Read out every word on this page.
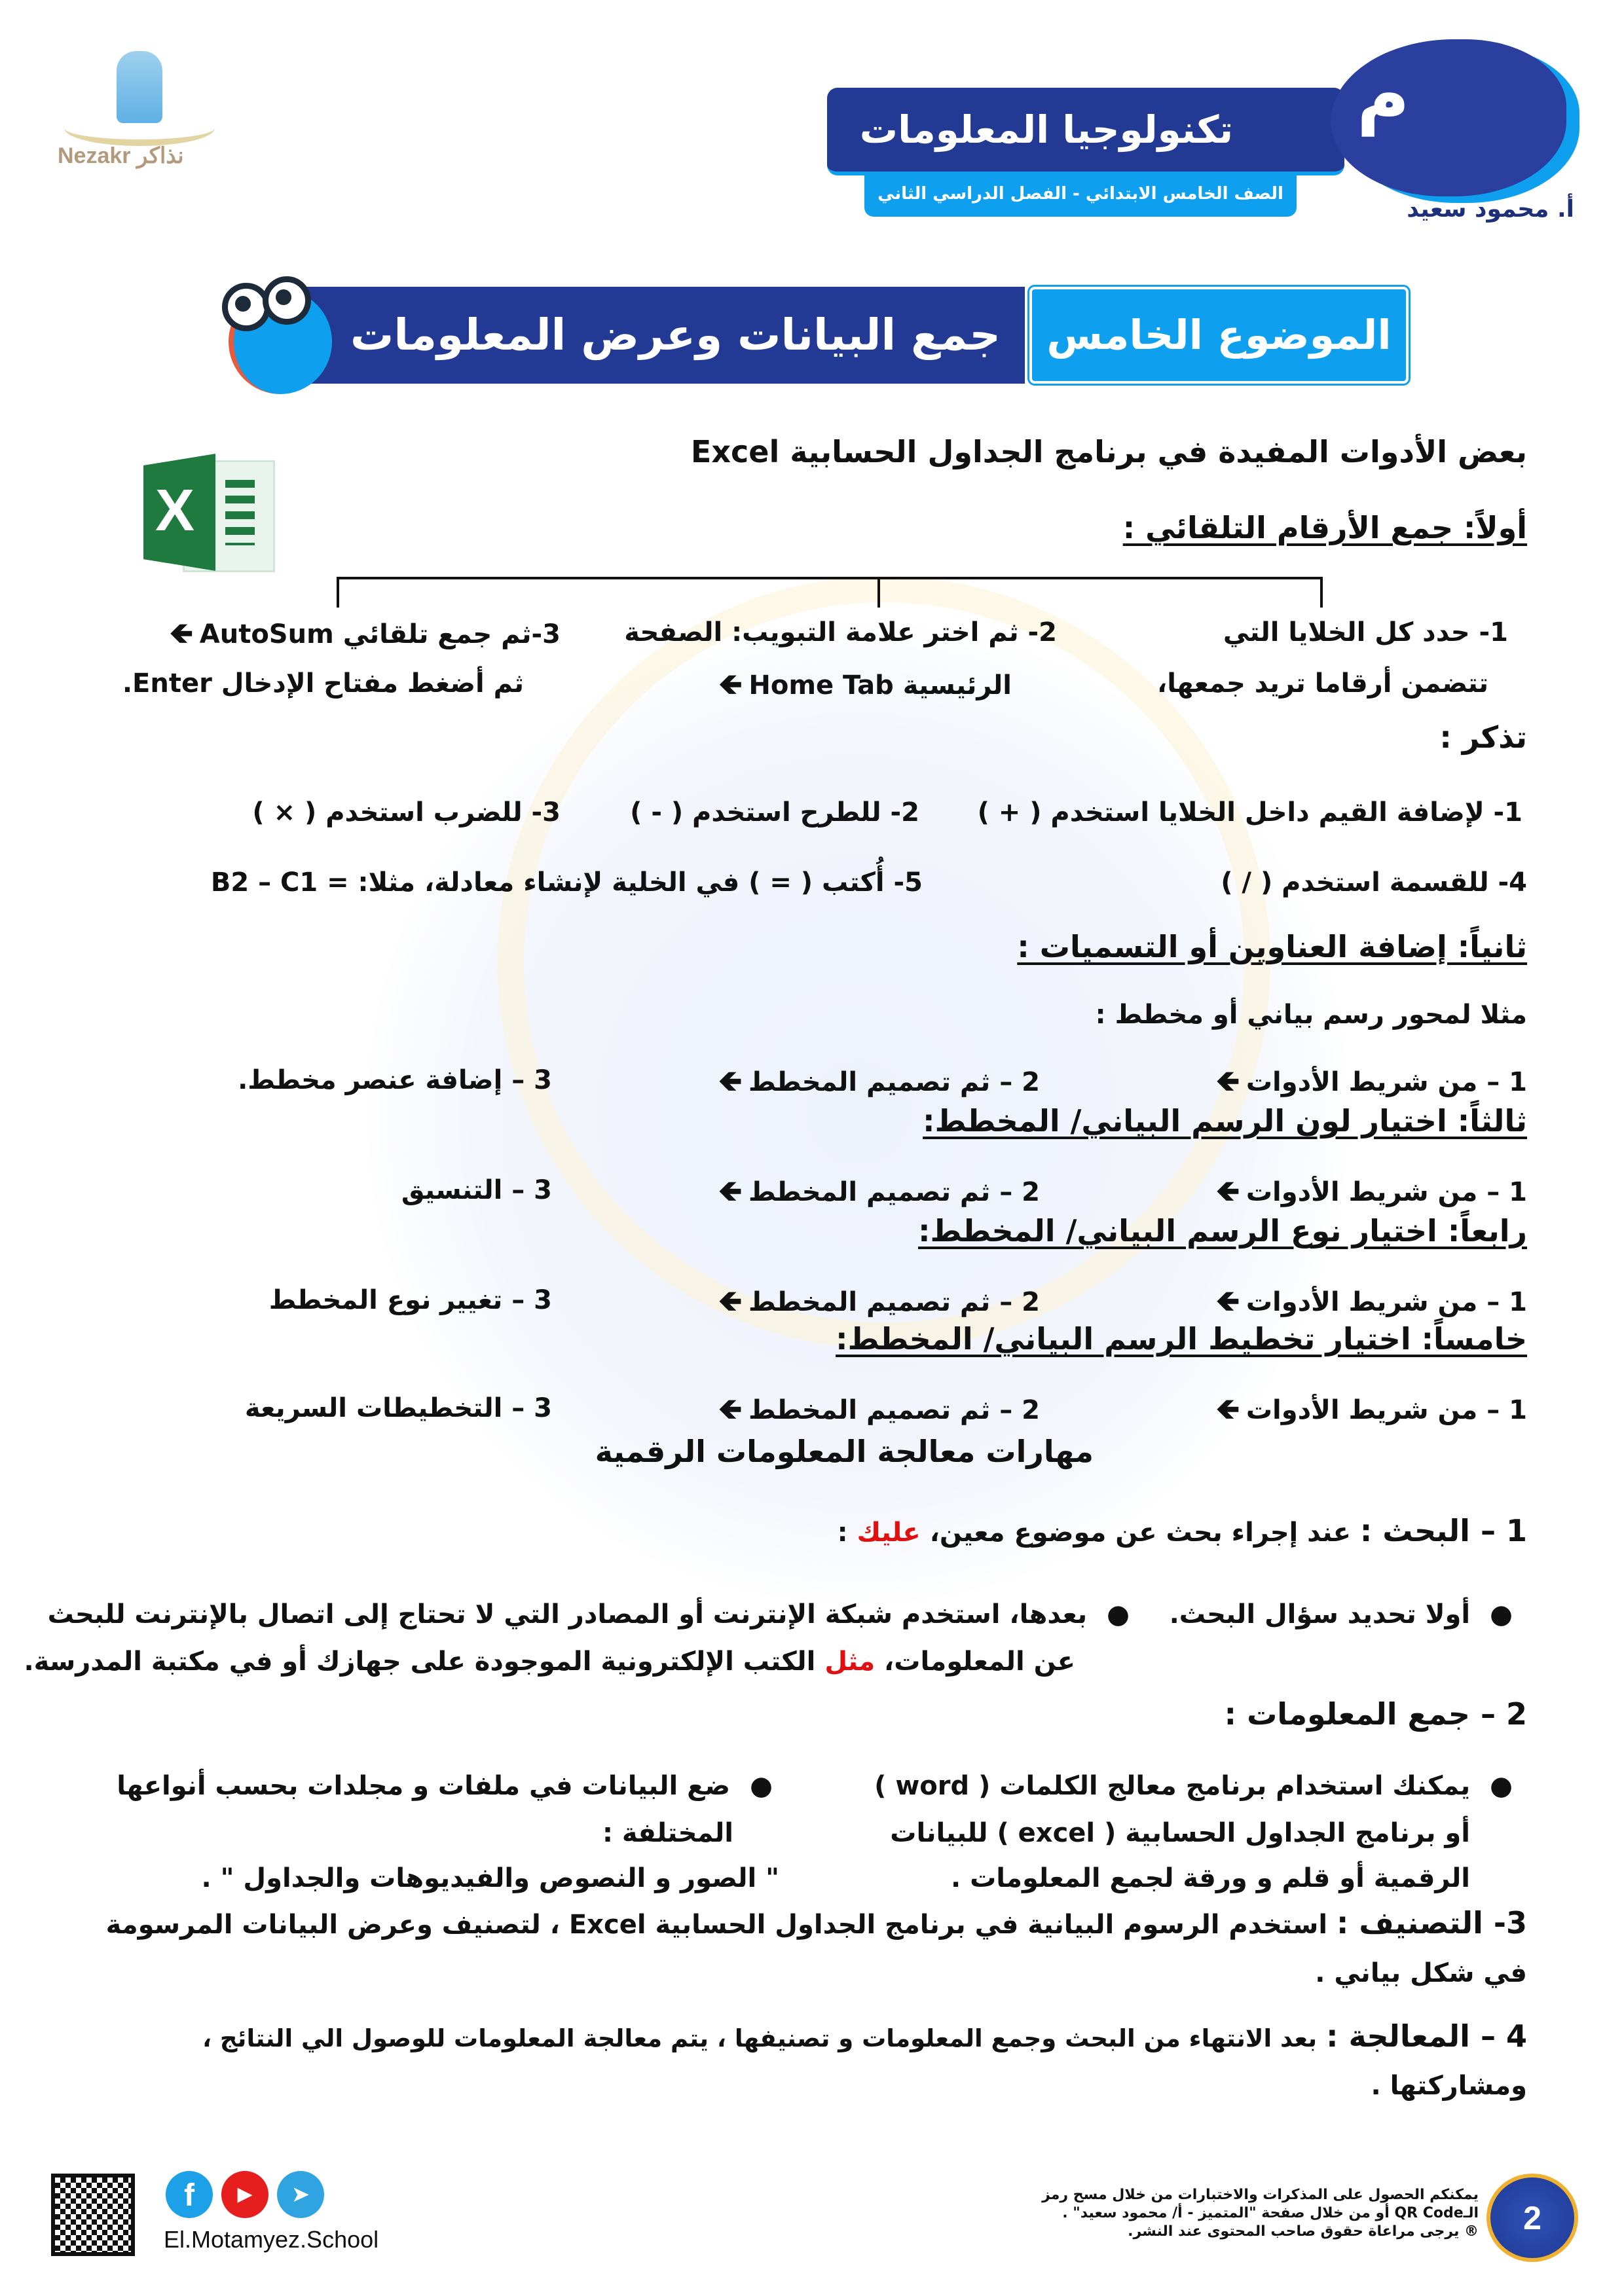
Nezakr نذاكر
تكنولوجيا المعلومات
الصف الخامس الابتدائي - الفصل الدراسي الثاني
م
أ. محمود سعيد
جمع البيانات وعرض المعلومات	الموضوع الخامس
بعض الأدوات المفيدة في برنامج الجداول الحسابية Excel
X	أولاً: جمع الأرقام التلقائي :
1- حدد كل الخلايا التي
تتضمن أرقاما تريد جمعها،
2- ثم اختر علامة التبويب: الصفحة
الرئيسية Home Tab🡸
3-ثم جمع تلقائي AutoSum🡸
ثم أضغط مفتاح الإدخال Enter.
تذكر :
1- لإضافة القيم داخل الخلايا استخدم ( + )
2- للطرح استخدم ( - )
3- للضرب استخدم ( × )
4- للقسمة استخدم ( / )
5- أُكتب ( = ) في الخلية لإنشاء معادلة، مثلا: = B2 – C1
ثانياً: إضافة العناوين أو التسميات :
مثلا لمحور رسم بياني أو مخطط :
1 – من شريط الأدوات🡸
2 – ثم تصميم المخطط🡸
3 – إضافة عنصر مخطط.
ثالثاً: اختيار لون الرسم البياني/ المخطط:
1 – من شريط الأدوات🡸
2 – ثم تصميم المخطط🡸
3 – التنسيق
رابعاً: اختيار نوع الرسم البياني/ المخطط:
1 – من شريط الأدوات🡸
2 – ثم تصميم المخطط🡸
3 – تغيير نوع المخطط
خامساً: اختيار تخطيط الرسم البياني/ المخطط:
1 – من شريط الأدوات🡸
2 – ثم تصميم المخطط🡸
3 – التخطيطات السريعة
مهارات معالجة المعلومات الرقمية
1 – البحث : عند إجراء بحث عن موضوع معين، عليك :
●أولا تحديد سؤال البحث.
●بعدها، استخدم شبكة الإنترنت أو المصادر التي لا تحتاج إلى اتصال بالإنترنت للبحث
عن المعلومات، مثل الكتب الإلكترونية الموجودة على جهازك أو في مكتبة المدرسة.
2 – جمع المعلومات :
●يمكنك استخدام برنامج معالج الكلمات ( word )
أو برنامج الجداول الحسابية ( excel ) للبيانات
الرقمية أو قلم و ورقة لجمع المعلومات .
●ضع البيانات في ملفات و مجلدات بحسب أنواعها
المختلفة :
" الصور و النصوص والفيديوهات والجداول " .
3- التصنيف : استخدم الرسوم البيانية في برنامج الجداول الحسابية Excel ، لتصنيف وعرض البيانات المرسومة
في شكل بياني .
4 – المعالجة : بعد الانتهاء من البحث وجمع المعلومات و تصنيفها ، يتم معالجة المعلومات للوصول الي النتائج ،
ومشاركتها .
2
يمكنكم الحصول على المذكرات والاختبارات من خلال مسح رمز
الـQR Code أو من خلال صفحة "المتميز - أ/ محمود سعيد" .
® يرجى مراعاة حقوق صاحب المحتوى عند النشر.
f	▶	➤
El.Motamyez.School
